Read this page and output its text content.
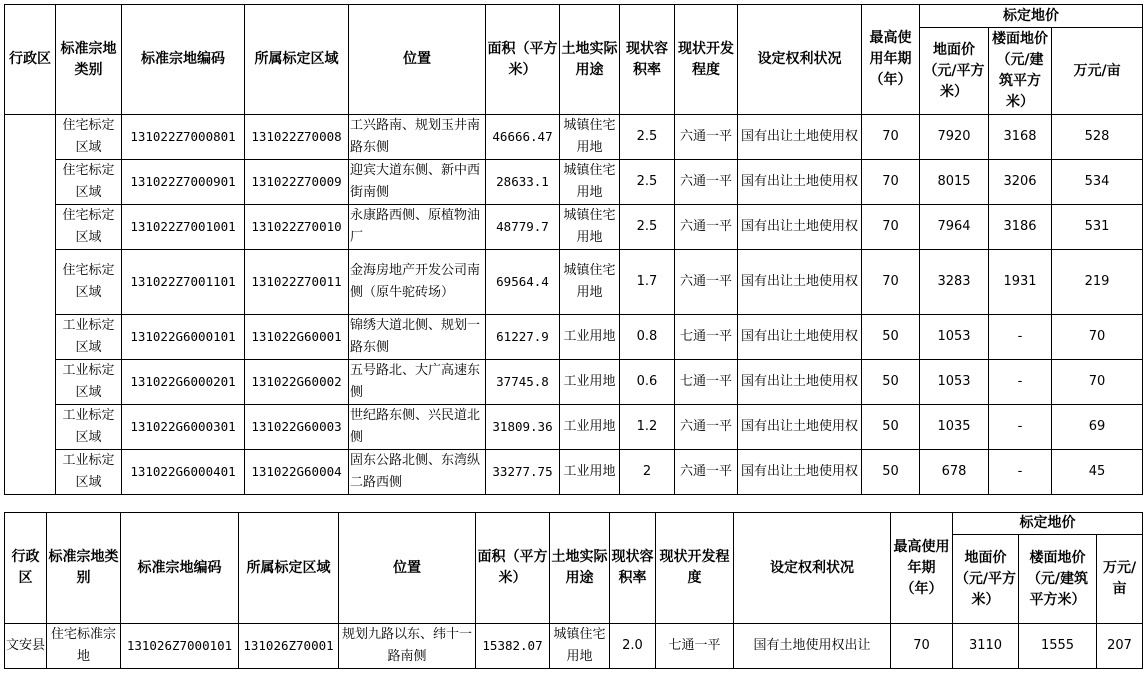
行政区	标准宗地类别	标准宗地编码	所属标定区域	位置	面积（平方米）	土地实际用途	现状容积率	现状开发程度	设定权利状况	最高使用年期（年）	标定地价		
											地面价（元/平方米）	楼面地价（元/建筑平方米）	万元/亩
	住宅标定区域	131022Z7000801	131022Z70008	工兴路南、规划玉井南路东侧	46666.47	城镇住宅用地	2.5	六通一平	国有出让土地使用权	70	7920	3168	528
	住宅标定区域	131022Z7000901	131022Z70009	迎宾大道东侧、新中西街南侧	28633.1	城镇住宅用地	2.5	六通一平	国有出让土地使用权	70	8015	3206	534
	住宅标定区域	131022Z7001001	131022Z70010	永康路西侧、原植物油厂	48779.7	城镇住宅用地	2.5	六通一平	国有出让土地使用权	70	7964	3186	531
	住宅标定区域	131022Z7001101	131022Z70011	金海房地产开发公司南侧（原牛驼砖场）	69564.4	城镇住宅用地	1.7	六通一平	国有出让土地使用权	70	3283	1931	219
	工业标定区域	131022G6000101	131022G60001	锦绣大道北侧、规划一路东侧	61227.9	工业用地	0.8	七通一平	国有出让土地使用权	50	1053	-	70
	工业标定区域	131022G6000201	131022G60002	五号路北、大广高速东侧	37745.8	工业用地	0.6	七通一平	国有出让土地使用权	50	1053	-	70
	工业标定区域	131022G6000301	131022G60003	世纪路东侧、兴民道北侧	31809.36	工业用地	1.2	六通一平	国有出让土地使用权	50	1035	-	69
	工业标定区域	131022G6000401	131022G60004	固东公路北侧、东湾纵二路西侧	33277.75	工业用地	2	六通一平	国有出让土地使用权	50	678	-	45
行政区	标准宗地类别	标准宗地编码	所属标定区域	位置	面积（平方米）	土地实际用途	现状容积率	现状开发程度	设定权利状况	最高使用年期（年）	标定地价		
											地面价（元/平方米）	楼面地价（元/建筑平方米）	万元/亩
文安县	住宅标准宗地	131026Z7000101	131026Z70001	规划九路以东、纬十一路南侧	15382.07	城镇住宅用地	2.0	七通一平	国有土地使用权出让	70	3110	1555	207
